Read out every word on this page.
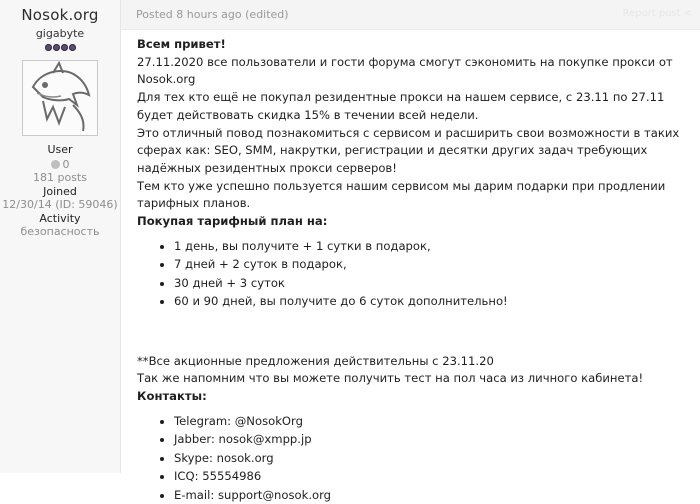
Nosok.org
gigabyte
User
0
181 posts
Joined
12/30/14 (ID: 59046)
Activity
безопасность
Posted 8 hours ago (edited)	Report post <

Всем привет!

27.11.2020 все пользователи и гости форума смогут сэкономить на покупке прокси от Nosok.org

Для тех кто ещё не покупал резидентные прокси на нашем сервисе, с 23.11 по 27.11 будет действовать скидка 15% в течении всей недели.

Это отличный повод познакомиться с сервисом и расширить свои возможности в таких сферах как: SEO, SMM, накрутки, регистрации и десятки других задач требующих надёжных резидентных прокси серверов!

Тем кто уже успешно пользуется нашим сервисом мы дарим подарки при продлении тарифных планов.

Покупая тарифный план на:

• 1 день, вы получите + 1 сутки в подарок,
• 7 дней + 2 суток в подарок,
• 30 дней + 3 суток
• 60 и 90 дней, вы получите до 6 суток дополнительно!

**Все акционные предложения действительны с 23.11.20

Так же напомним что вы можете получить тест на пол часа из личного кабинета!

Контакты:

• Telegram: @NosokOrg
• Jabber: nosok@xmpp.jp
• Skype: nosok.org
• ICQ: 55554986
• E-mail: support@nosok.org
